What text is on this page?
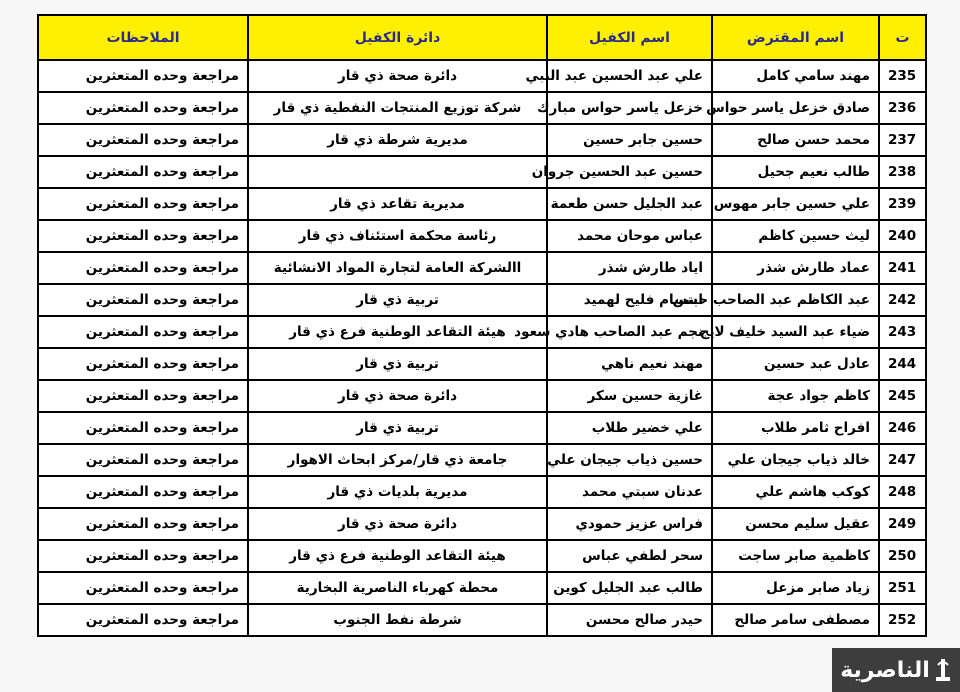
ت	اسم المقترض	اسم الكفيل	دائرة الكفيل	الملاحظات
235	مهند سامي كامل	علي عبد الحسين عبد النبي	دائرة صحة ذي قار	مراجعة وحده المتعثرين
236	صادق خزعل ياسر حواس	خزعل ياسر حواس مبارك	شركة توزيع المنتجات النفطية ذي قار	مراجعة وحده المتعثرين
237	محمد حسن صالح	حسين جابر حسين	مديرية شرطة ذي قار	مراجعة وحده المتعثرين
238	طالب نعيم جحيل	حسين عبد الحسين جروان		مراجعة وحده المتعثرين
239	علي حسين جابر مهوس	عبد الجليل حسن طعمة	مديرية تقاعد ذي قار	مراجعة وحده المتعثرين
240	ليث حسين كاظم	عباس موحان محمد	رئاسة محكمة استئناف ذي قار	مراجعة وحده المتعثرين
241	عماد طارش شذر	اياد طارش شذر	االشركة العامة لتجارة المواد الانشائية	مراجعة وحده المتعثرين
242	عبد الكاظم عبد الصاحب حسن	ابتسام فليح لهميد	تربية ذي قار	مراجعة وحده المتعثرين
243	ضياء عبد السيد خليف لايج	نجم عبد الصاحب هادي سعود	هيئة التقاعد الوطنية فرع ذي قار	مراجعة وحده المتعثرين
244	عادل عبد حسين	مهند نعيم ناهي	تربية ذي قار	مراجعة وحده المتعثرين
245	كاظم جواد عجة	غازية حسين سكر	دائرة صحة ذي قار	مراجعة وحده المتعثرين
246	افراح ثامر طلاب	علي خضير طلاب	تربية ذي قار	مراجعة وحده المتعثرين
247	خالد ذياب جيجان علي	حسين ذياب جيجان علي	جامعة ذي قار/مركز ابحاث الاهوار	مراجعة وحده المتعثرين
248	كوكب هاشم علي	عدنان سبتي محمد	مديرية بلديات ذي قار	مراجعة وحده المتعثرين
249	عقيل سليم محسن	فراس عزيز حمودي	دائرة صحة ذي قار	مراجعة وحده المتعثرين
250	كاظمية صابر ساجت	سحر لطفي عباس	هيئة التقاعد الوطنية فرع ذي قار	مراجعة وحده المتعثرين
251	زياد صابر مزعل	طالب عبد الجليل كوين	محطة كهرباء الناصرية البخارية	مراجعة وحده المتعثرين
252	مصطفى سامر صالح	حيدر صالح محسن	شرطة نفط الجنوب	مراجعة وحده المتعثرين
الناصرية
